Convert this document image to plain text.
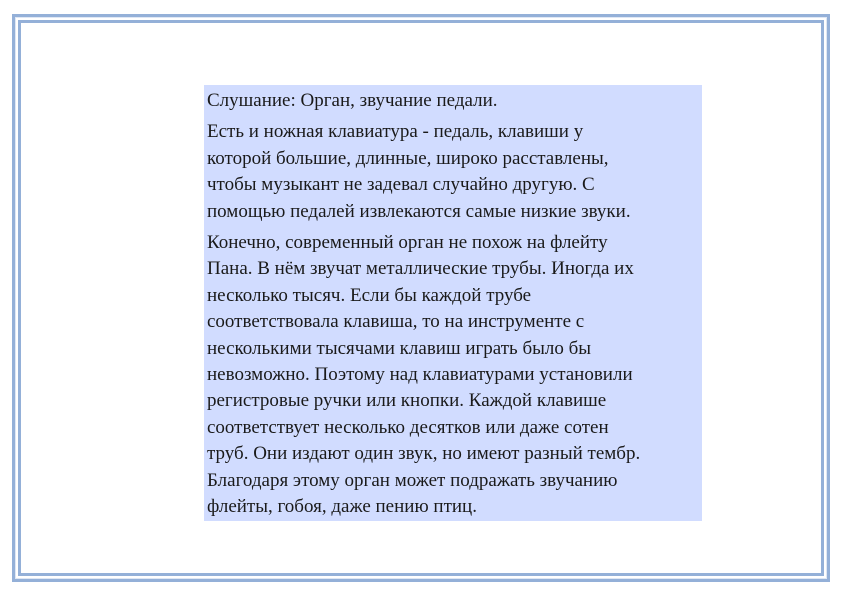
Слушание: Орган, звучание педали.

Есть и ножная клавиатура - педаль, клавиши у
которой большие, длинные, широко расставлены,
чтобы музыкант не задевал случайно другую. С
помощью педалей извлекаются самые низкие звуки.

Конечно, современный орган не похож на флейту
Пана. В нём звучат металлические трубы. Иногда их
несколько тысяч. Если бы каждой трубе
соответствовала клавиша, то на инструменте с
несколькими тысячами клавиш играть было бы
невозможно. Поэтому над клавиатурами установили
регистровые ручки или кнопки. Каждой клавише
соответствует несколько десятков или даже сотен
труб. Они издают один звук, но имеют разный тембр.
Благодаря этому орган может подражать звучанию
флейты, гобоя, даже пению птиц.
